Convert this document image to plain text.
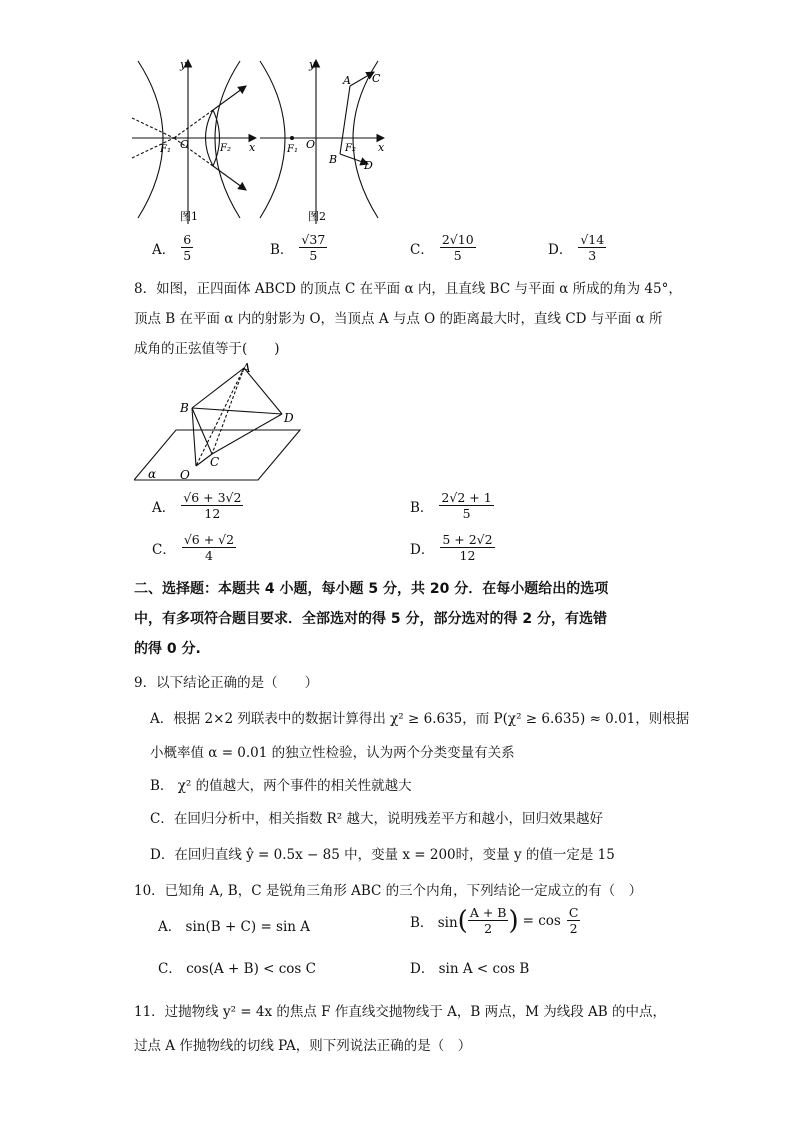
y
x
F₁ O	F₂
图1
y
x
F₁ O	F₂
A C
B D
图2
A． $\frac{6}{5}$	B． $\frac{√37}{5}$	C． $\frac{2√10}{5}$	D． $\frac{√14}{3}$
8．如图，正四面体 ABCD 的顶点 C 在平面 α 内，且直线 BC 与平面 α 所成的角为 45°，
顶点 B 在平面 α 内的射影为 O，当顶点 A 与点 O 的距离最大时，直线 CD 与平面 α 所
成角的正弦值等于(　　)
A
B
D
C
O
α
A． $\frac{√6 + 3√2}{12}$	B． $\frac{2√2 + 1}{5}$
C． $\frac{√6 + √2}{4}$	D． $\frac{5 + 2√2}{12}$
二、选择题：本题共 4 小题，每小题 5 分，共 20 分．在每小题给出的选项
中，有多项符合题目要求．全部选对的得 5 分，部分选对的得 2 分，有选错
的得 0 分.
9．以下结论正确的是（　　）
A．根据 2×2 列联表中的数据计算得出 χ² ≥ 6.635，而 P(χ² ≥ 6.635) ≈ 0.01，则根据
小概率值 α = 0.01 的独立性检验，认为两个分类变量有关系
B． χ² 的值越大，两个事件的相关性就越大
C．在回归分析中，相关指数 R² 越大，说明残差平方和越小，回归效果越好
D．在回归直线 ŷ = 0.5x − 85 中，变量 x = 200时，变量 y 的值一定是 15
10．已知角 A, B，C 是锐角三角形 ABC 的三个内角，下列结论一定成立的有（　）
A． sin(B + C) = sin A	B． sin ( $\frac{A + B}{2}$ ) = $\cos \frac{C}{2}$
C． cos(A + B) < cos C	D． sin A < cos B
11．过抛物线 y² = 4x 的焦点 F 作直线交抛物线于 A，B 两点，M 为线段 AB 的中点，
过点 A 作抛物线的切线 PA，则下列说法正确的是（　）
